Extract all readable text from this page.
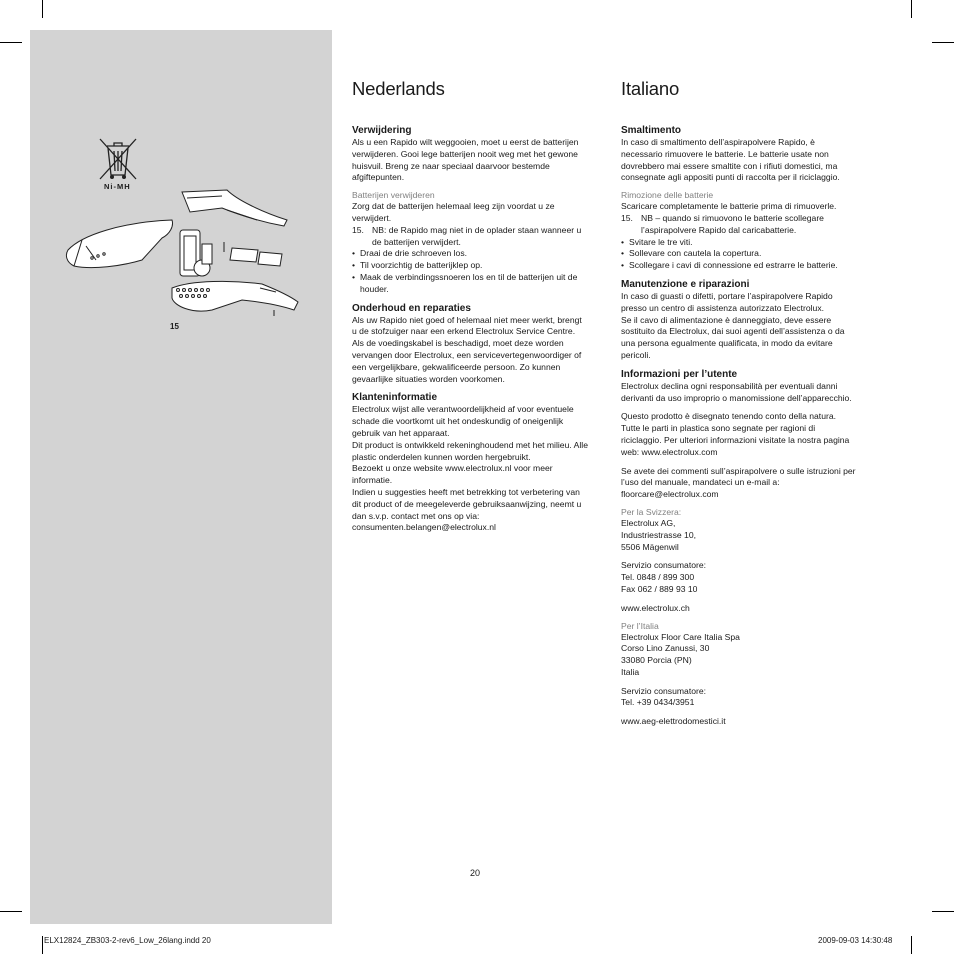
Ni-MH
15
Nederlands
Verwijdering

Als u een Rapido wilt weggooien, moet u eerst de batterijen verwijderen. Gooi lege batterijen nooit weg met het gewone huisvuil. Breng ze naar speciaal daarvoor bestemde afgiftepunten.

Batterijen verwijderen

Zorg dat de batterijen helemaal leeg zijn voordat u ze verwijdert.

15. NB: de Rapido mag niet in de oplader staan wanneer u de batterijen verwijdert.
• Draai de drie schroeven los.
• Til voorzichtig de batterijklep op.
• Maak de verbindingssnoeren los en til de batterijen uit de houder.
Onderhoud en reparaties

Als uw Rapido niet goed of helemaal niet meer werkt, brengt u de stofzuiger naar een erkend Electrolux Service Centre.

Als de voedingskabel is beschadigd, moet deze worden vervangen door Electrolux, een servicevertegenwoordiger of een vergelijkbare, gekwalificeerde persoon. Zo kunnen gevaarlijke situaties worden voorkomen.

Klanteninformatie

Electrolux wijst alle verantwoordelijkheid af voor eventuele schade die voortkomt uit het ondeskundig of oneigenlijk gebruik van het apparaat.

Dit product is ontwikkeld rekeninghoudend met het milieu. Alle plastic onderdelen kunnen worden hergebruikt.

Bezoekt u onze website www.electrolux.nl voor meer informatie.

Indien u suggesties heeft met betrekking tot verbetering van dit product of de meegeleverde gebruiksaanwijzing, neemt u dan s.v.p. contact met ons op via: consumenten.belangen@electrolux.nl

Italiano
Smaltimento

In caso di smaltimento dell’aspirapolvere Rapido, è necessario rimuovere le batterie. Le batterie usate non dovrebbero mai essere smaltite con i rifiuti domestici, ma consegnate agli appositi punti di raccolta per il riciclaggio.

Rimozione delle batterie

Scaricare completamente le batterie prima di rimuoverle.

15. NB – quando si rimuovono le batterie scollegare l’aspirapolvere Rapido dal caricabatterie.
• Svitare le tre viti.
• Sollevare con cautela la copertura.
• Scollegare i cavi di connessione ed estrarre le batterie.
Manutenzione e riparazioni

In caso di guasti o difetti, portare l’aspirapolvere Rapido presso un centro di assistenza autorizzato Electrolux.

Se il cavo di alimentazione è danneggiato, deve essere sostituito da Electrolux, dai suoi agenti dell’assistenza o da una persona egualmente qualificata, in modo da evitare pericoli.

Informazioni per l’utente

Electrolux declina ogni responsabilità per eventuali danni derivanti da uso improprio o manomissione dell’apparecchio.

Questo prodotto è disegnato tenendo conto della natura. Tutte le parti in plastica sono segnate per ragioni di riciclaggio. Per ulteriori informazioni visitate la nostra pagina web: www.electrolux.com

Se avete dei commenti sull’aspirapolvere o sulle istruzioni per l’uso del manuale, mandateci un e-mail a: floorcare@electrolux.com

Per la Svizzera:

Electrolux AG,

Industriestrasse 10,

5506 Mägenwil

Servizio consumatore:

Tel. 0848 / 899 300

Fax 062 / 889 93 10

www.electrolux.ch

Per l’Italia

Electrolux Floor Care Italia Spa

Corso Lino Zanussi, 30

33080 Porcia (PN)

Italia

Servizio consumatore:

Tel. +39 0434/3951

www.aeg-elettrodomestici.it

20
ELX12824_ZB303-2-rev6_Low_26lang.indd 20	2009-09-03 14:30:48
